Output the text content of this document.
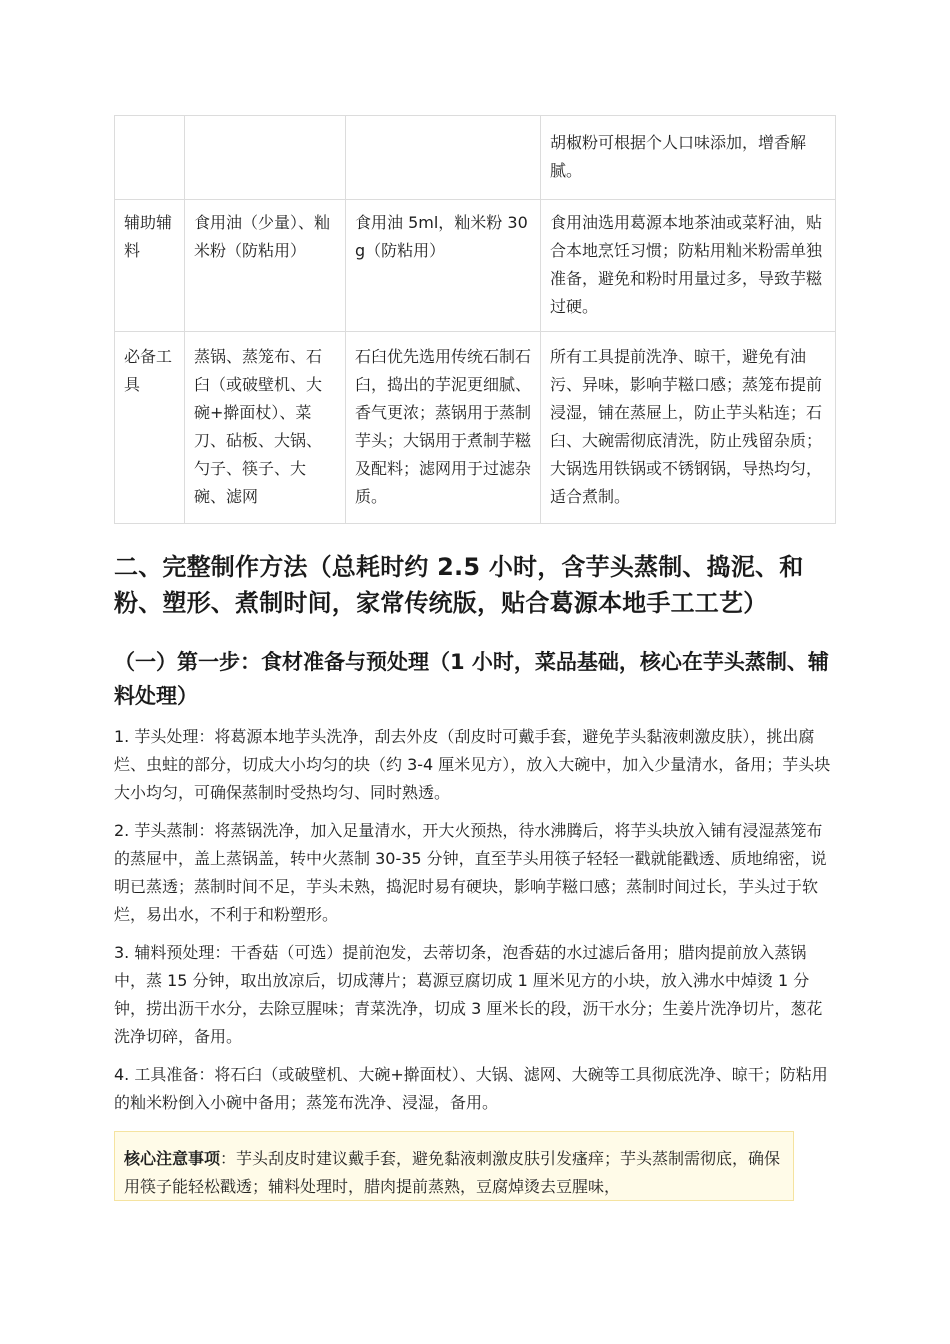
			胡椒粉可根据个人口味添加，增香解腻。
辅助辅料	食用油（少量）、籼米粉（防粘用）	食用油 5ml，籼米粉 30g（防粘用）	食用油选用葛源本地茶油或菜籽油，贴合本地烹饪习惯；防粘用籼米粉需单独准备，避免和粉时用量过多，导致芋糍过硬。
必备工具	蒸锅、蒸笼布、石臼（或破壁机、大碗+擀面杖）、菜刀、砧板、大锅、勺子、筷子、大碗、滤网	石臼优先选用传统石制石臼，捣出的芋泥更细腻、香气更浓；蒸锅用于蒸制芋头；大锅用于煮制芋糍及配料；滤网用于过滤杂质。	所有工具提前洗净、晾干，避免有油污、异味，影响芋糍口感；蒸笼布提前浸湿，铺在蒸屉上，防止芋头粘连；石臼、大碗需彻底清洗，防止残留杂质；大锅选用铁锅或不锈钢锅，导热均匀，适合煮制。
二、完整制作方法（总耗时约 2.5 小时，含芋头蒸制、捣泥、和粉、塑形、煮制时间，家常传统版，贴合葛源本地手工工艺）
（一）第一步：食材准备与预处理（1 小时，菜品基础，核心在芋头蒸制、辅料处理）

1. 芋头处理：将葛源本地芋头洗净，刮去外皮（刮皮时可戴手套，避免芋头黏液刺激皮肤），挑出腐烂、虫蛀的部分，切成大小均匀的块（约 3-4 厘米见方），放入大碗中，加入少量清水，备用；芋头块大小均匀，可确保蒸制时受热均匀、同时熟透。

2. 芋头蒸制：将蒸锅洗净，加入足量清水，开大火预热，待水沸腾后，将芋头块放入铺有浸湿蒸笼布的蒸屉中，盖上蒸锅盖，转中火蒸制 30-35 分钟，直至芋头用筷子轻轻一戳就能戳透、质地绵密，说明已蒸透；蒸制时间不足，芋头未熟，捣泥时易有硬块，影响芋糍口感；蒸制时间过长，芋头过于软烂，易出水，不利于和粉塑形。

3. 辅料预处理：干香菇（可选）提前泡发，去蒂切条，泡香菇的水过滤后备用；腊肉提前放入蒸锅中，蒸 15 分钟，取出放凉后，切成薄片；葛源豆腐切成 1 厘米见方的小块，放入沸水中焯烫 1 分钟，捞出沥干水分，去除豆腥味；青菜洗净，切成 3 厘米长的段，沥干水分；生姜片洗净切片，葱花洗净切碎，备用。

4. 工具准备：将石臼（或破壁机、大碗+擀面杖）、大锅、滤网、大碗等工具彻底洗净、晾干；防粘用的籼米粉倒入小碗中备用；蒸笼布洗净、浸湿，备用。

核心注意事项：芋头刮皮时建议戴手套，避免黏液刺激皮肤引发瘙痒；芋头蒸制需彻底，确保用筷子能轻松戳透；辅料处理时，腊肉提前蒸熟，豆腐焯烫去豆腥味，
